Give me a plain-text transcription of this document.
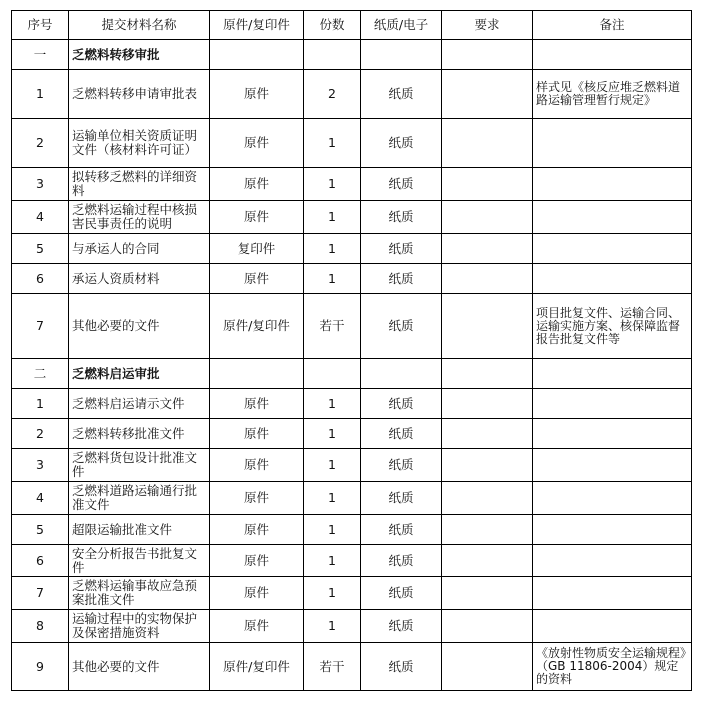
序号	提交材料名称	原件/复印件	份数	纸质/电子	要求	备注
一	乏燃料转移审批					
1	乏燃料转移申请审批表	原件	2	纸质		样式见《核反应堆乏燃料道路运输管理暂行规定》
2	运输单位相关资质证明文件（核材料许可证）	原件	1	纸质		
3	拟转移乏燃料的详细资料	原件	1	纸质		
4	乏燃料运输过程中核损害民事责任的说明	原件	1	纸质		
5	与承运人的合同	复印件	1	纸质		
6	承运人资质材料	原件	1	纸质		
7	其他必要的文件	原件/复印件	若干	纸质		项目批复文件、运输合同、运输实施方案、核保障监督报告批复文件等
二	乏燃料启运审批					
1	乏燃料启运请示文件	原件	1	纸质		
2	乏燃料转移批准文件	原件	1	纸质		
3	乏燃料货包设计批准文件	原件	1	纸质		
4	乏燃料道路运输通行批准文件	原件	1	纸质		
5	超限运输批准文件	原件	1	纸质		
6	安全分析报告书批复文件	原件	1	纸质		
7	乏燃料运输事故应急预案批准文件	原件	1	纸质		
8	运输过程中的实物保护及保密措施资料	原件	1	纸质		
9	其他必要的文件	原件/复印件	若干	纸质		《放射性物质安全运输规程》（GB 11806-2004）规定的资料
